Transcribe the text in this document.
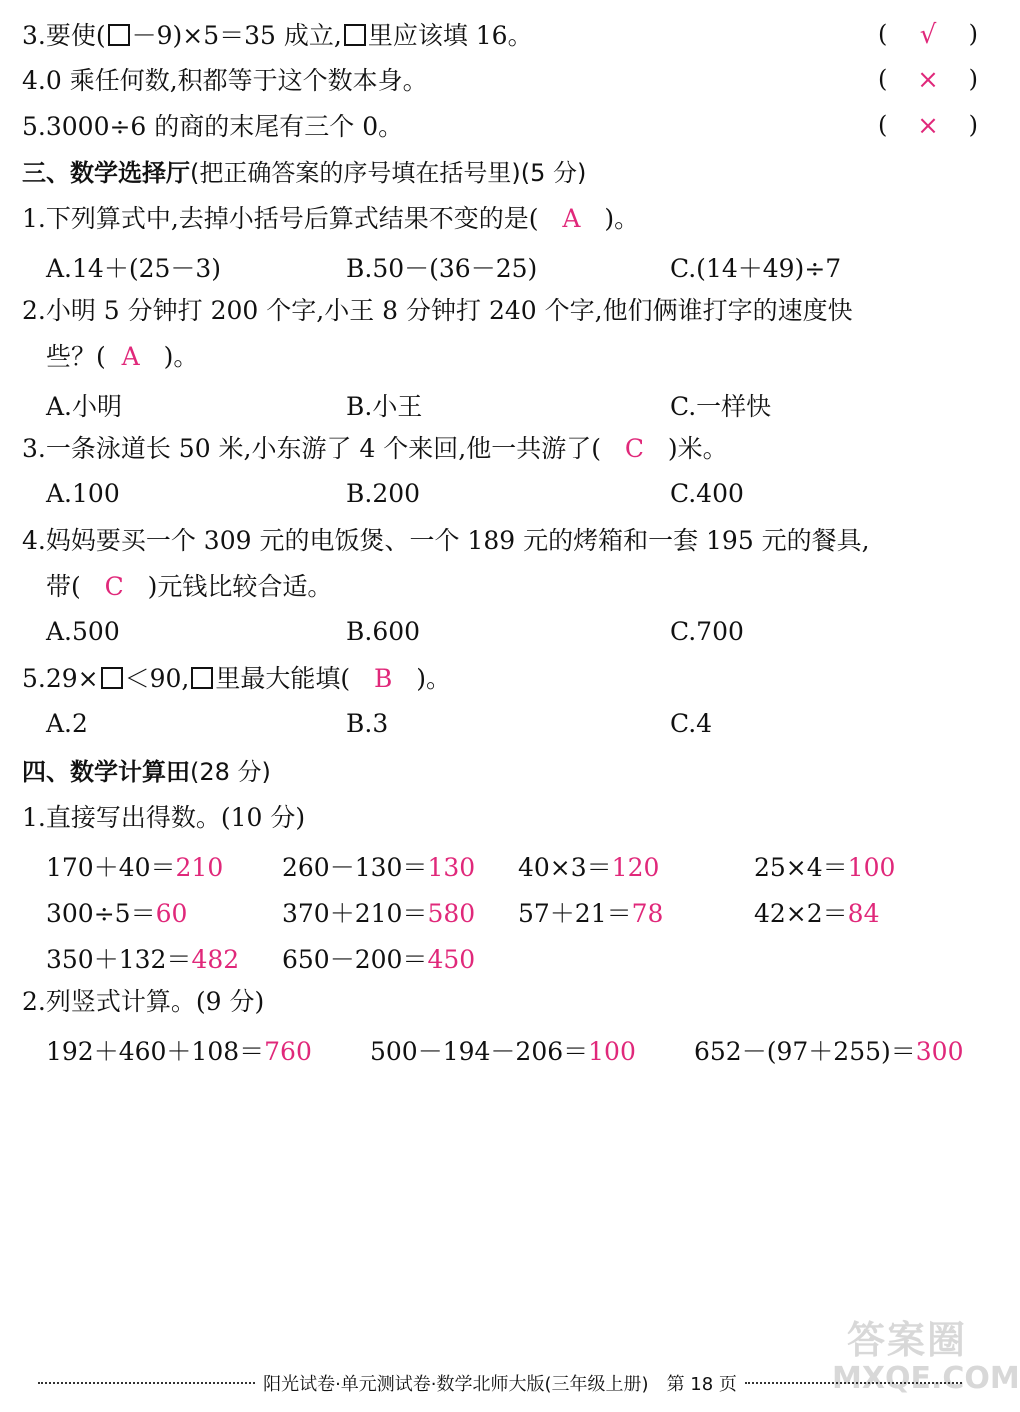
3.要使( －9)×5＝35 成立, 里应该填 16。	( √ )
4.0 乘任何数,积都等于这个数本身。	( × )
5.3000÷6 的商的末尾有三个 0。	( × )
三、数学选择厅(把正确答案的序号填在括号里)(5 分)
1.下列算式中,去掉小括号后算式结果不变的是( A )。
A.14＋(25－3)	B.50－(36－25)	C.(14＋49)÷7
2.小明 5 分钟打 200 个字,小王 8 分钟打 240 个字,他们俩谁打字的速度快
些？( A )。
A.小明	B.小王	C.一样快
3.一条泳道长 50 米,小东游了 4 个来回,他一共游了( C )米。
A.100	B.200	C.400
4.妈妈要买一个 309 元的电饭煲、一个 189 元的烤箱和一套 195 元的餐具,
带( C )元钱比较合适。
A.500	B.600	C.700
5.29× ＜90, 里最大能填( B )。
A.2	B.3	C.4
四、数学计算田(28 分)
1.直接写出得数。(10 分)
170＋40＝210 260－130＝130 40×3＝120	25×4＝100
300÷5＝60	370＋210＝580 57＋21＝78	42×2＝84
350＋132＝482 650－200＝450
2.列竖式计算。(9 分)
192＋460＋108＝760 500－194－206＝100 652－(97＋255)＝300
答案圈
MXQE.COM
阳光试卷·单元测试卷·数学北师大版(三年级上册)　第 18 页
